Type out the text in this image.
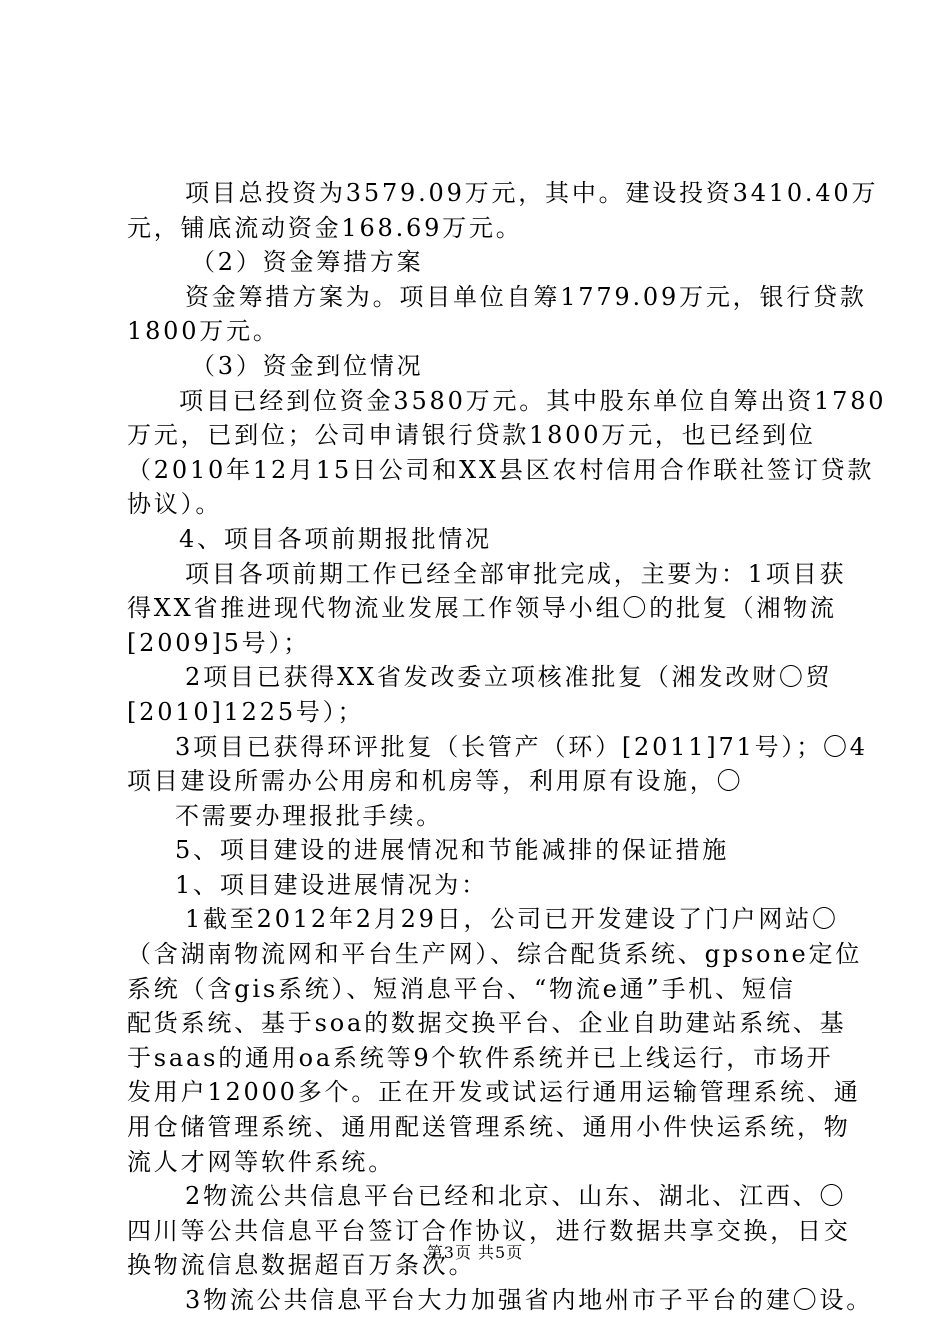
项目总投资为3579.09万元，其中。建设投资3410.40万
元，铺底流动资金168.69万元。
（2）资金筹措方案
资金筹措方案为。项目单位自筹1779.09万元，银行贷款
1800万元。
（3）资金到位情况
项目已经到位资金3580万元。其中股东单位自筹出资1780
万元，已到位；公司申请银行贷款1800万元，也已经到位
（2010年12月15日公司和XX县区农村信用合作联社签订贷款
协议）。
4、项目各项前期报批情况
项目各项前期工作已经全部审批完成，主要为：1项目获
得XX省推进现代物流业发展工作领导小组〇的批复（湘物流
[2009]5号）；
2项目已获得XX省发改委立项核准批复（湘发改财〇贸
[2010]1225号）；
3项目已获得环评批复（长管产（环）[2011]71号）；〇4
项目建设所需办公用房和机房等，利用原有设施，〇
不需要办理报批手续。
5、项目建设的进展情况和节能减排的保证措施
1、项目建设进展情况为：
1截至2012年2月29日，公司已开发建设了门户网站〇
（含湖南物流网和平台生产网）、综合配货系统、gpsone定位
系统（含gis系统）、短消息平台、“物流e通”手机、短信
配货系统、基于soa的数据交换平台、企业自助建站系统、基
于saas的通用oa系统等9个软件系统并已上线运行，市场开
发用户12000多个。正在开发或试运行通用运输管理系统、通
用仓储管理系统、通用配送管理系统、通用小件快运系统，物
流人才网等软件系统。
2物流公共信息平台已经和北京、山东、湖北、江西、〇
四川等公共信息平台签订合作协议，进行数据共享交换，日交
换物流信息数据超百万条次。
3物流公共信息平台大力加强省内地州市子平台的建〇设。
第3页 共5页
